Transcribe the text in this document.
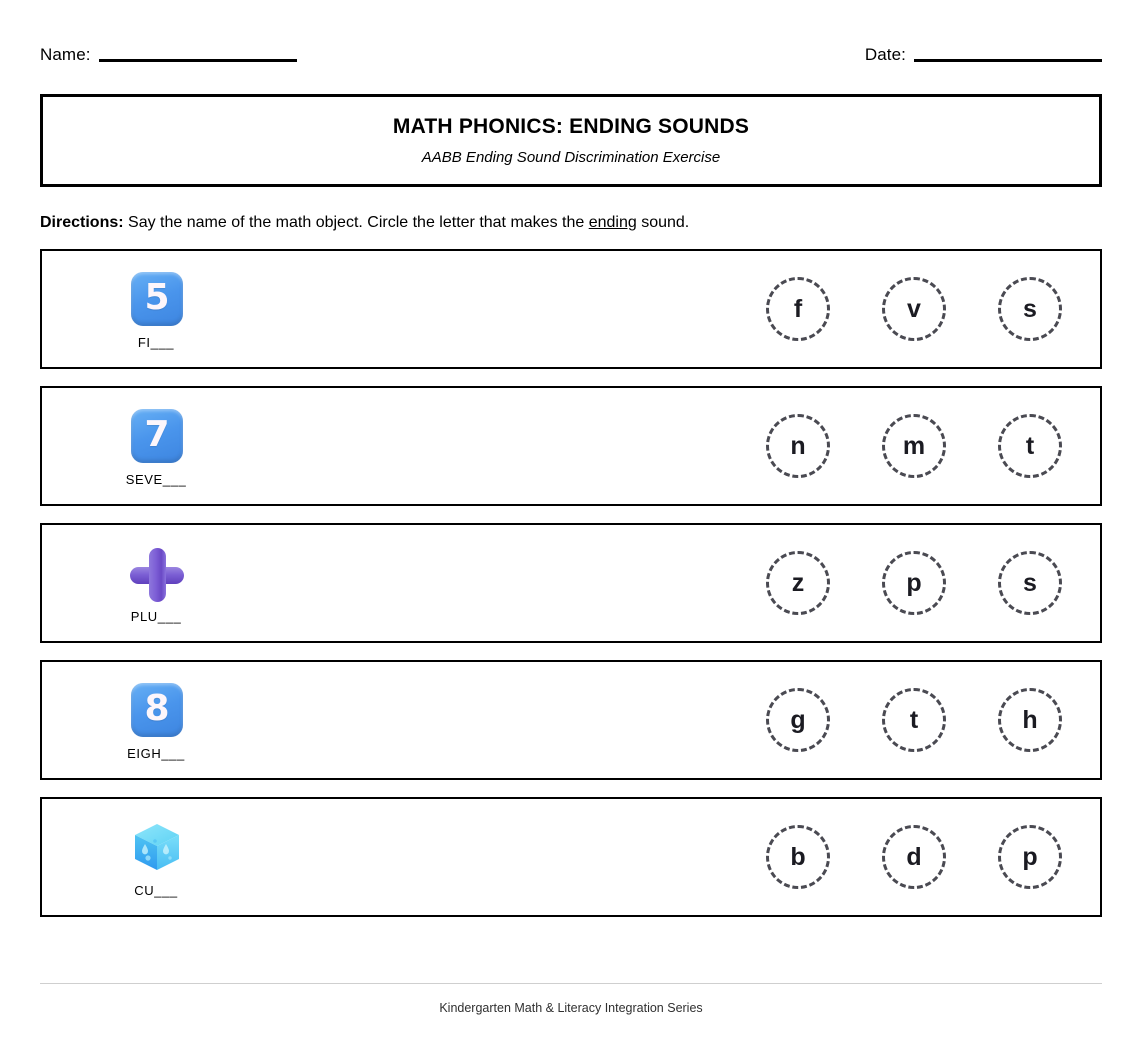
Name:	Date:
MATH PHONICS: ENDING SOUNDS
AABB Ending Sound Discrimination Exercise
Directions: Say the name of the math object. Circle the letter that makes the ending sound.
5
FI___
f	v	s
7
SEVE___
n	m	t
PLU___
z	p	s
8
EIGH___
g	t	h
CU___
b	d	p
Kindergarten Math & Literacy Integration Series
